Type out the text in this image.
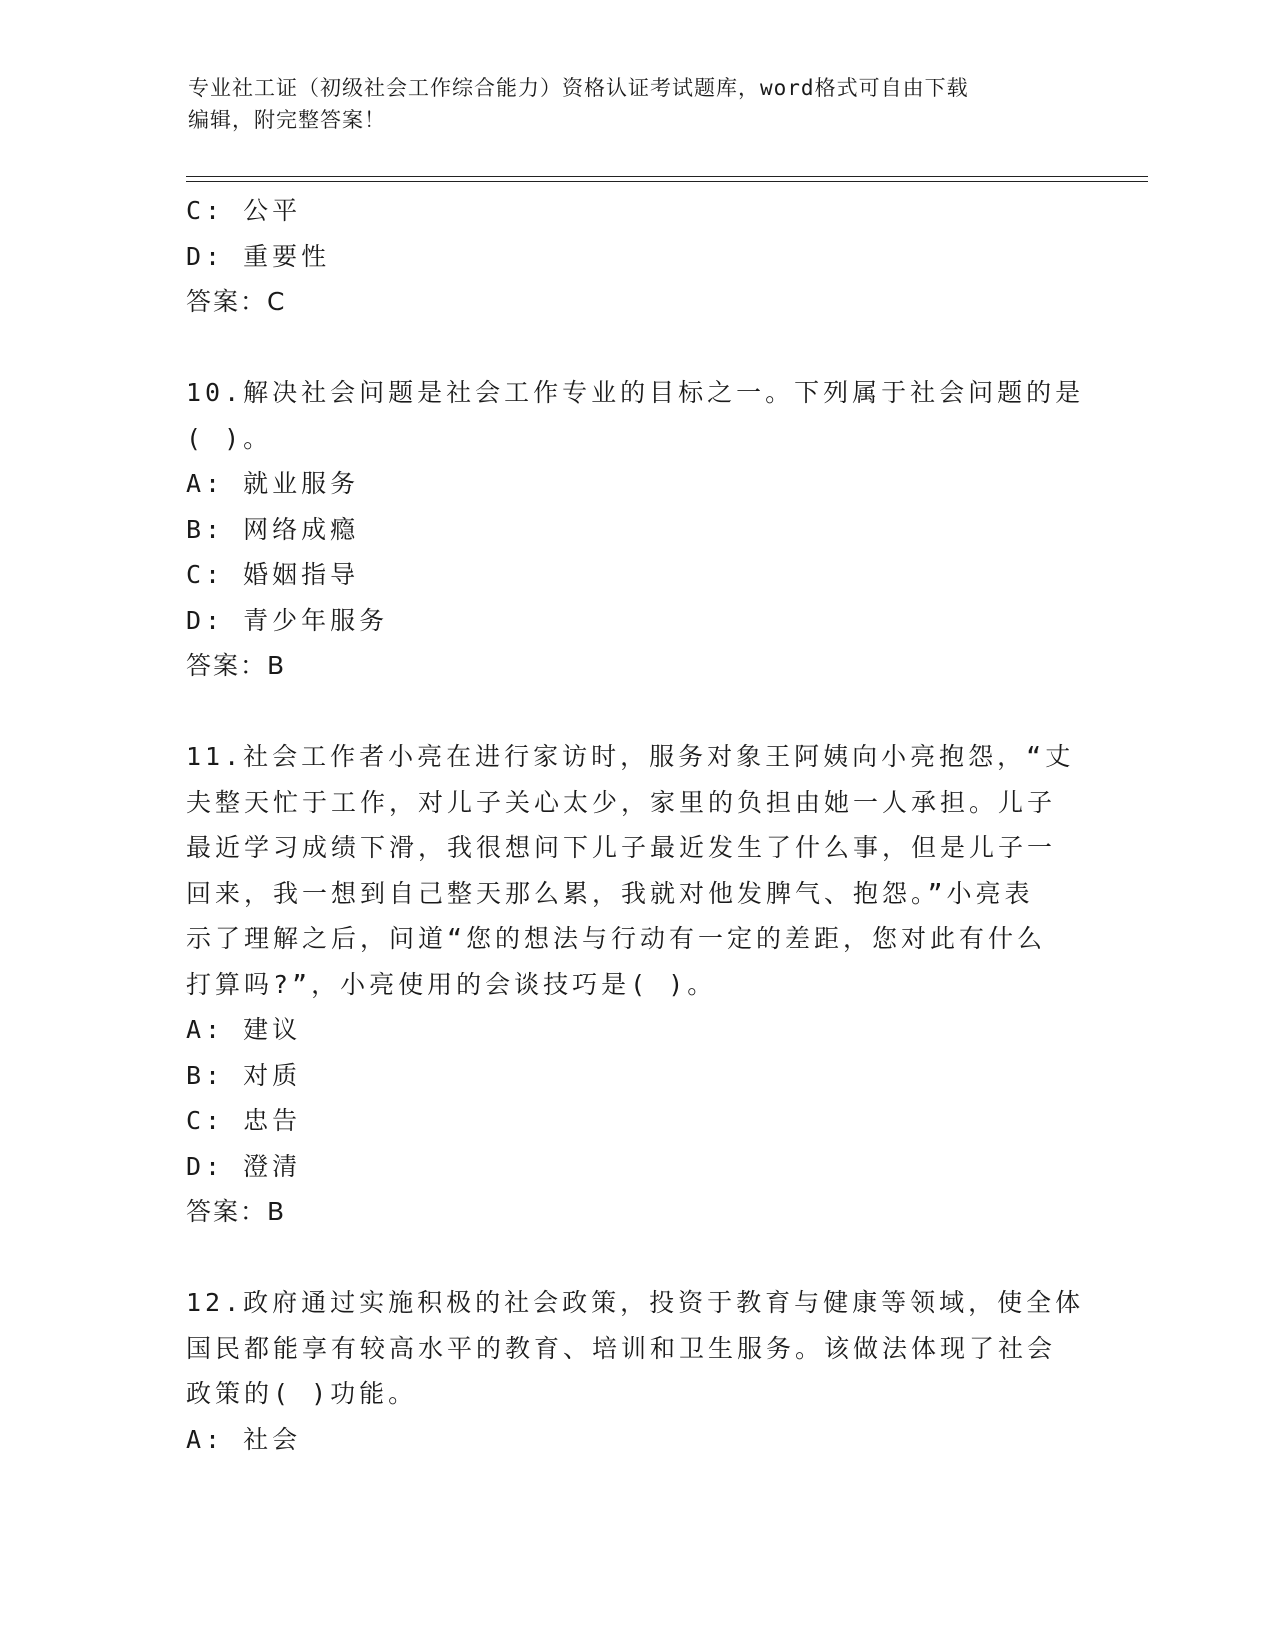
专业社工证（初级社会工作综合能力）资格认证考试题库，word格式可自由下载
编辑，附完整答案！
C: 公平
D: 重要性
答案：C
10.解决社会问题是社会工作专业的目标之一。下列属于社会问题的是
( )。
A: 就业服务
B: 网络成瘾
C: 婚姻指导
D: 青少年服务
答案：B
11.社会工作者小亮在进行家访时，服务对象王阿姨向小亮抱怨，“丈
夫整天忙于工作，对儿子关心太少，家里的负担由她一人承担。儿子
最近学习成绩下滑，我很想问下儿子最近发生了什么事，但是儿子一
回来，我一想到自己整天那么累，我就对他发脾气、抱怨。”小亮表
示了理解之后，问道“您的想法与行动有一定的差距，您对此有什么
打算吗?”，小亮使用的会谈技巧是( )。
A: 建议
B: 对质
C: 忠告
D: 澄清
答案：B
12.政府通过实施积极的社会政策，投资于教育与健康等领域，使全体
国民都能享有较高水平的教育、培训和卫生服务。该做法体现了社会
政策的( )功能。
A: 社会
